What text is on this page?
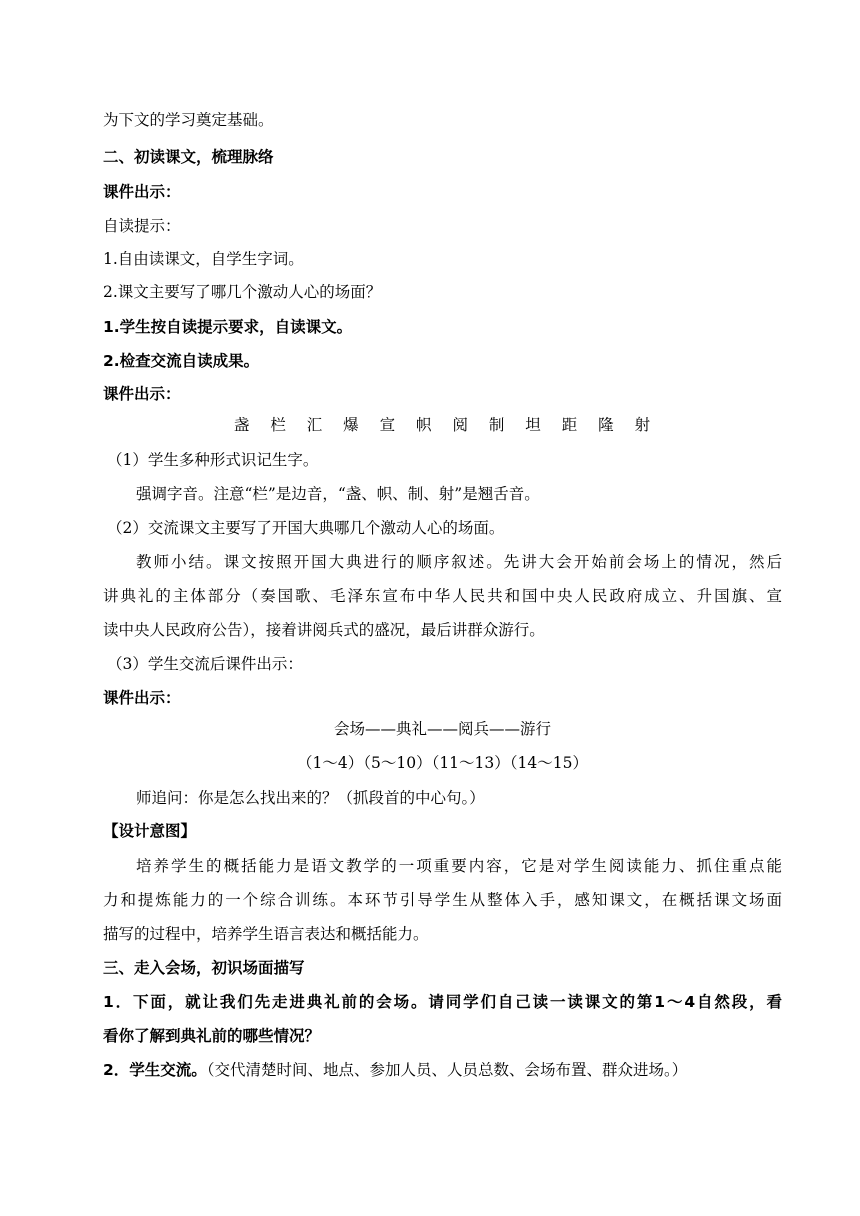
为下文的学习奠定基础。
二、初读课文，梳理脉络
课件出示：
自读提示：
1.自由读课文，自学生字词。
2.课文主要写了哪几个激动人心的场面？
1.学生按自读提示要求，自读课文。
2.检查交流自读成果。
课件出示：
盏 栏 汇 爆 宣 帜 阅 制 坦 距 隆 射
（1）学生多种形式识记生字。
强调字音。注意“栏”是边音，“盏、帜、制、射”是翘舌音。
（2）交流课文主要写了开国大典哪几个激动人心的场面。
教师小结。课文按照开国大典进行的顺序叙述。先讲大会开始前会场上的情况，然后
讲典礼的主体部分（奏国歌、毛泽东宣布中华人民共和国中央人民政府成立、升国旗、宣
读中央人民政府公告），接着讲阅兵式的盛况，最后讲群众游行。
（3）学生交流后课件出示：
课件出示：
会场——典礼——阅兵——游行
（1～4）（5～10）（11～13）（14～15）
师追问：你是怎么找出来的？（抓段首的中心句。）
【设计意图】
培养学生的概括能力是语文教学的一项重要内容，它是对学生阅读能力、抓住重点能
力和提炼能力的一个综合训练。本环节引导学生从整体入手，感知课文，在概括课文场面
描写的过程中，培养学生语言表达和概括能力。
三、走入会场，初识场面描写
1．下面，就让我们先走进典礼前的会场。请同学们自己读一读课文的第1～4自然段，看
看你了解到典礼前的哪些情况？
2．学生交流。（交代清楚时间、地点、参加人员、人员总数、会场布置、群众进场。）
